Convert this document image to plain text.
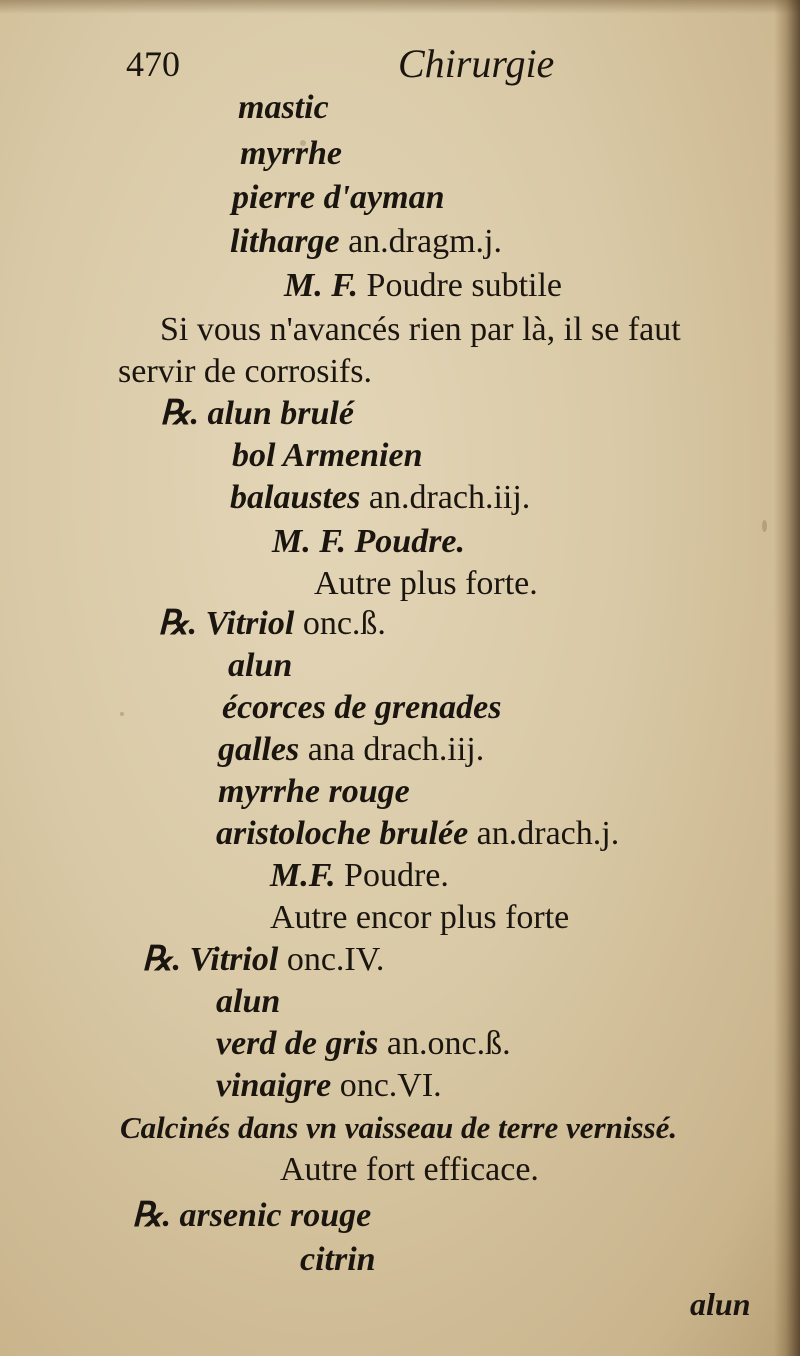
470	Chirurgie
mastic
myrrhe
pierre d'ayman
litharge an.dragm.j.
M. F. Poudre subtile
Si vous n'avancés rien par là, il se faut
servir de corrosifs.
℞. alun brulé
bol Armenien
balaustes an.drach.iij.
M. F. Poudre.
Autre plus forte.
℞. Vitriol onc.ß.
alun
écorces de grenades
galles ana drach.iij.
myrrhe rouge
aristoloche brulée an.drach.j.
M.F. Poudre.
Autre encor plus forte
℞. Vitriol onc.IV.
alun
verd de gris an.onc.ß.
vinaigre onc.VI.
Calcinés dans vn vaisseau de terre vernissé.
Autre fort efficace.
℞. arsenic rouge
citrin
alun
